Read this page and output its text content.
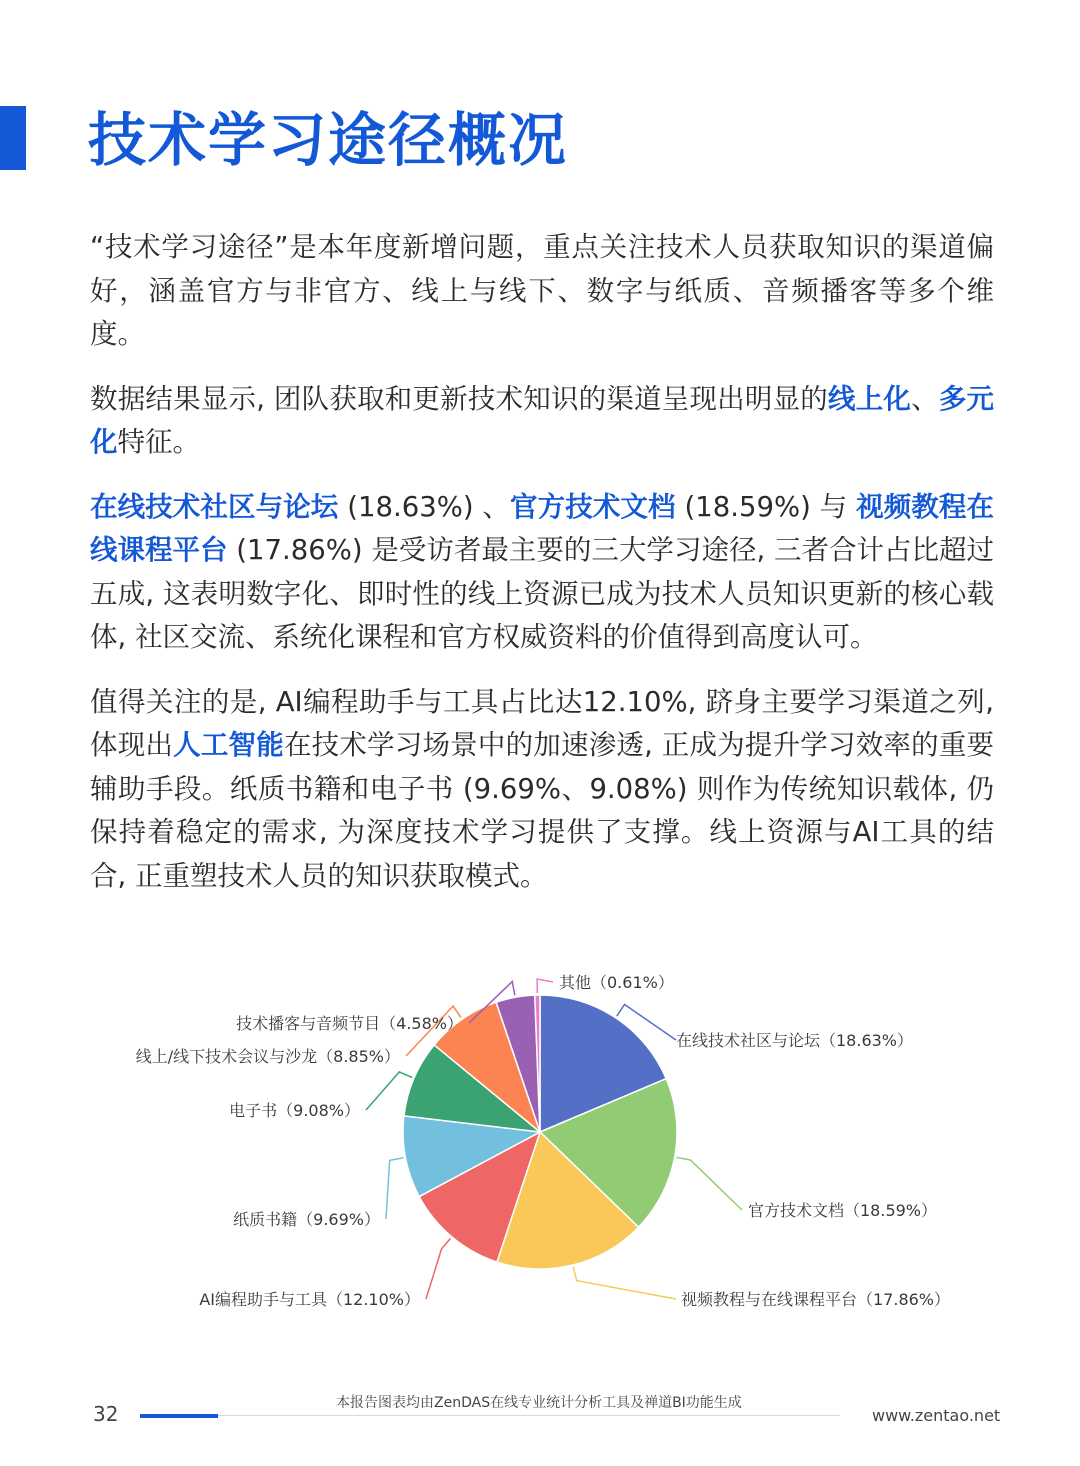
技术学习途径概况

“技术学习途径”是本年度新增问题，重点关注技术人员获取知识的渠道偏好，涵盖官方与非官方、线上与线下、数字与纸质、音频播客等多个维度。

数据结果显示, 团队获取和更新技术知识的渠道呈现出明显的线上化、多元化特征。

在线技术社区与论坛 (18.63%) 、官方技术文档 (18.59%) 与 视频教程在线课程平台 (17.86%) 是受访者最主要的三大学习途径, 三者合计占比超过五成, 这表明数字化、即时性的线上资源已成为技术人员知识更新的核心载体, 社区交流、系统化课程和官方权威资料的价值得到高度认可。

值得关注的是, AI编程助手与工具占比达12.10%, 跻身主要学习渠道之列, 体现出人工智能在技术学习场景中的加速渗透, 正成为提升学习效率的重要辅助手段。纸质书籍和电子书 (9.69%、9.08%) 则作为传统知识载体, 仍保持着稳定的需求, 为深度技术学习提供了支撑。线上资源与AI工具的结合, 正重塑技术人员的知识获取模式。

在线技术社区与论坛（18.63%）
官方技术文档（18.59%）
视频教程与在线课程平台（17.86%）
AI编程助手与工具（12.10%）
纸质书籍（9.69%）
电子书（9.08%）
线上/线下技术会议与沙龙（8.85%）
技术播客与音频节目（4.58%）
其他（0.61%）
32	本报告图表均由ZenDAS在线专业统计分析工具及禅道BI功能生成
www.zentao.net
